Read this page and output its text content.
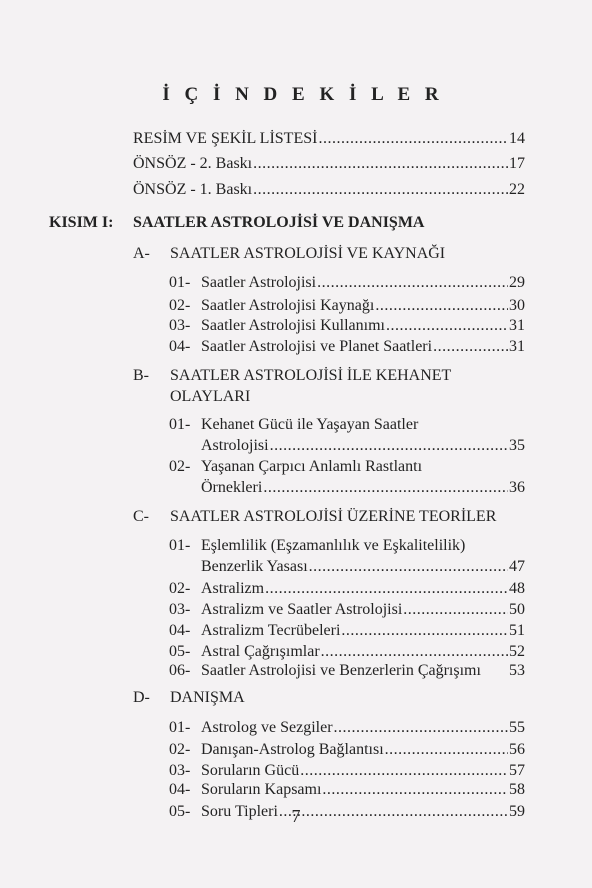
İ Ç İ N D E K İ L E R
RESİM VE ŞEKİL LİSTESİ .....	14
ÖNSÖZ - 2. Baskı .....	17
ÖNSÖZ - 1. Baskı .....	22
KISIM I: SAATLER ASTROLOJİSİ VE DANIŞMA
A- SAATLER ASTROLOJİSİ VE KAYNAĞI
01- Saatler Astrolojisi .....	29
02- Saatler Astrolojisi Kaynağı .....	30
03- Saatler Astrolojisi Kullanımı .....	31
04- Saatler Astrolojisi ve Planet Saatleri .....	31
B- SAATLER ASTROLOJİSİ İLE KEHANET
OLAYLARI
01- Kehanet Gücü ile Yaşayan Saatler
Astrolojisi .....	35
02- Yaşanan Çarpıcı Anlamlı Rastlantı
Örnekleri .....	36
C- SAATLER ASTROLOJİSİ ÜZERİNE TEORİLER
01- Eşlemlilik (Eşzamanlılık ve Eşkalitelilik)
Benzerlik Yasası .....	47
02- Astralizm .....	48
03- Astralizm ve Saatler Astrolojisi .....	50
04- Astralizm Tecrübeleri .....	51
05- Astral Çağrışımlar .....	52
06- Saatler Astrolojisi ve Benzerlerin Çağrışımı 53
D- DANIŞMA
01- Astrolog ve Sezgiler .....	55
02- Danışan-Astrolog Bağlantısı .....	56
03- Soruların Gücü .....	57
04- Soruların Kapsamı .....	58
05- Soru Tipleri .....	59
7
